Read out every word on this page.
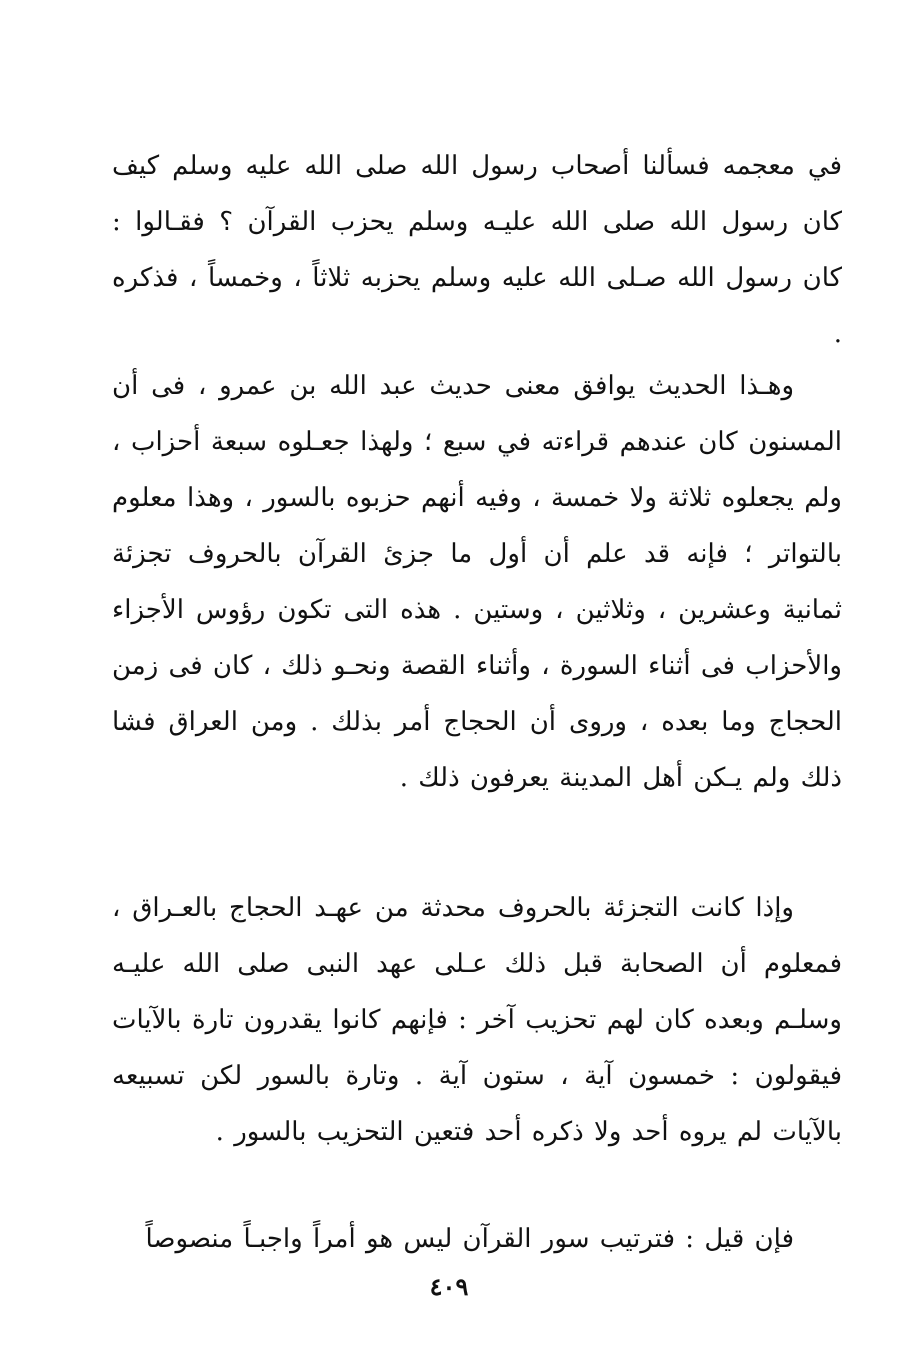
في معجمه فسألنا أصحاب رسول الله صلى الله عليه وسلم كيف كان رسول الله صلى الله عليـه وسلم يحزب القرآن ؟ فقـالوا : كان رسول الله صـلى الله عليه وسلم يحزبه ثلاثاً ، وخمساً ، فذكره .

وهـذا الحديث يوافق معنى حديث عبد الله بن عمرو ، فى أن المسنون كان عندهم قراءته في سبع ؛ ولهذا جعـلوه سبعة أحزاب ، ولم يجعلوه ثلاثة ولا خمسة ، وفيه أنهم حزبوه بالسور ، وهذا معلوم بالتواتر ؛ فإنه قد علم أن أول ما جزئ القرآن بالحروف تجزئة ثمانية وعشرين ، وثلاثين ، وستين . هذه التى تكون رؤوس الأجزاء والأحزاب فى أثناء السورة ، وأثناء القصة ونحـو ذلك ، كان فى زمن الحجاج وما بعده ، وروى أن الحجاج أمر بذلك . ومن العراق فشا ذلك ولم يـكن أهل المدينة يعرفون ذلك .

وإذا كانت التجزئة بالحروف محدثة من عهـد الحجاج بالعـراق ، فمعلوم أن الصحابة قبل ذلك عـلى عهد النبى صلى الله عليـه وسلـم وبعده كان لهم تحزيب آخر : فإنهم كانوا يقدرون تارة بالآيات فيقولون : خمسون آية ، ستون آية . وتارة بالسور لكن تسبيعه بالآيات لم يروه أحد ولا ذكره أحد فتعين التحزيب بالسور .

فإن قيل : فترتيب سور القرآن ليس هو أمراً واجبـاً منصوصاً

٤٠٩
